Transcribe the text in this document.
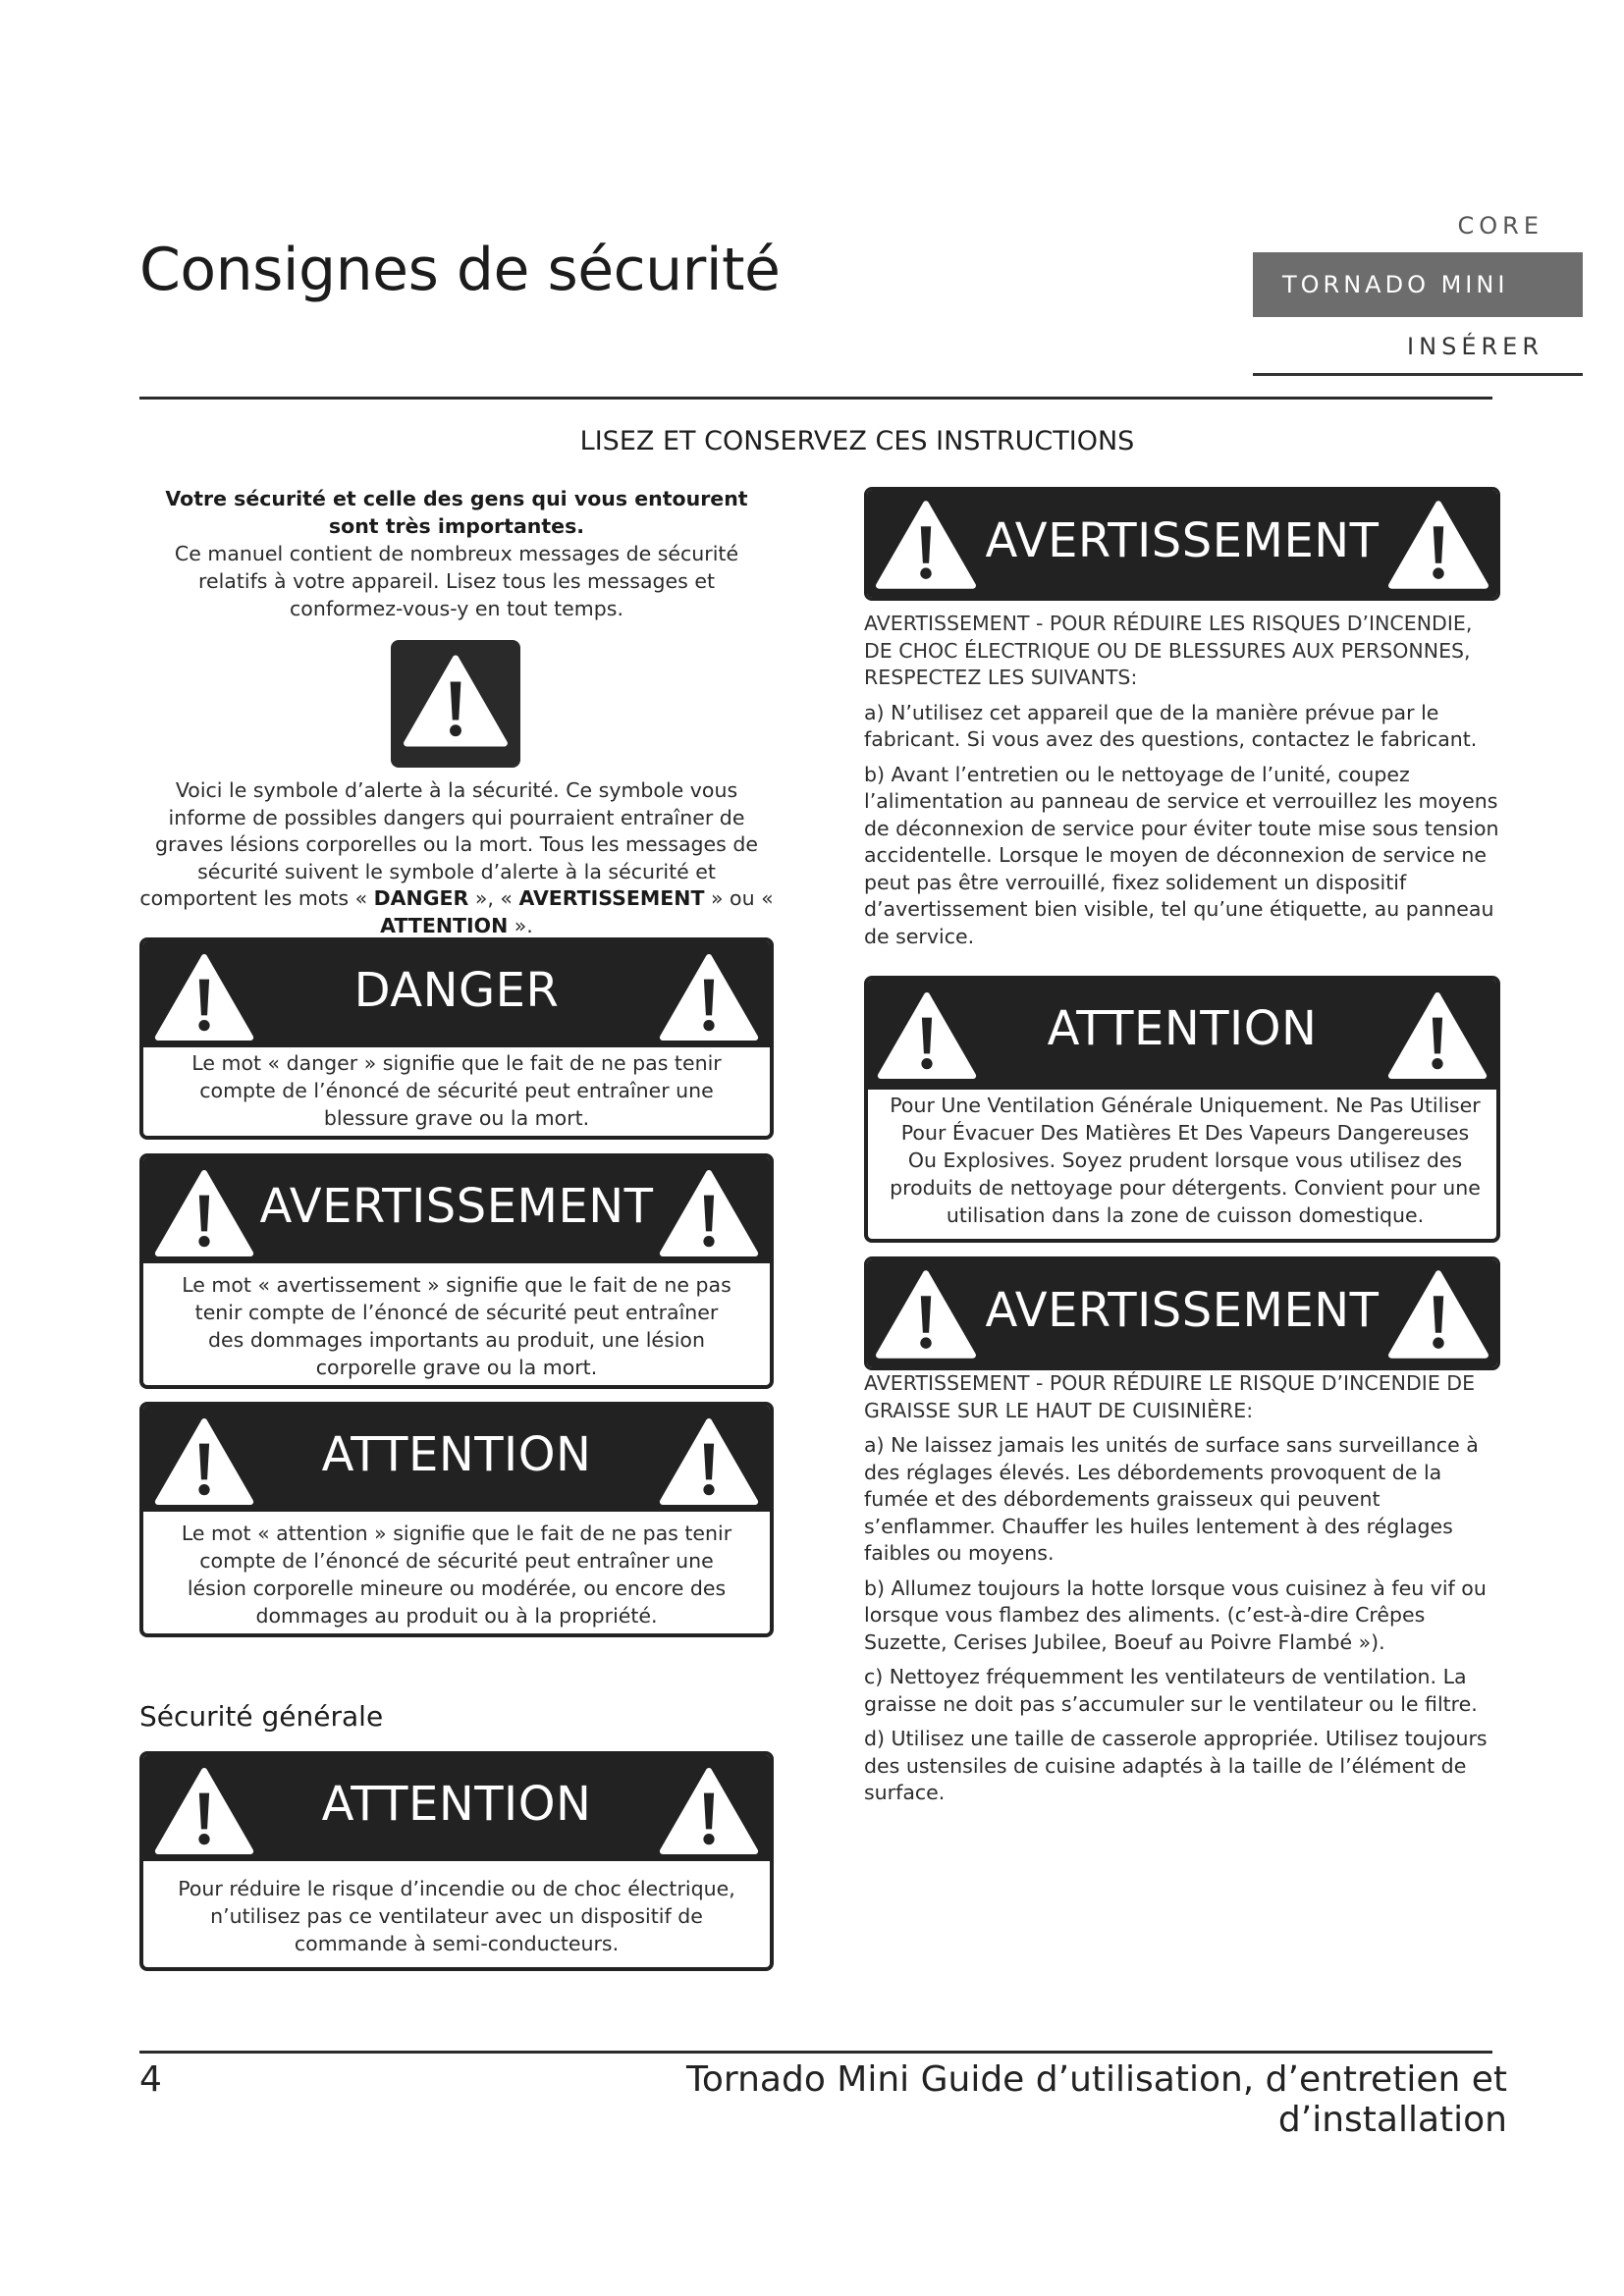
Consignes de sécurité
CORE
TORNADO MINI
INSÉRER
LISEZ ET CONSERVEZ CES INSTRUCTIONS
Votre sécurité et celle des gens qui vous entourent sont très importantes.
Ce manuel contient de nombreux messages de sécurité relatifs à votre appareil. Lisez tous les messages et conformez-vous-y en tout temps.
Voici le symbole d’alerte à la sécurité. Ce symbole vous informe de possibles dangers qui pourraient entraîner de graves lésions corporelles ou la mort. Tous les messages de sécurité suivent le symbole d’alerte à la sécurité et comportent les mots « DANGER », « AVERTISSEMENT » ou « ATTENTION ».
DANGER
Le mot « danger » signifie que le fait de ne pas tenir compte de l’énoncé de sécurité peut entraîner une blessure grave ou la mort.
AVERTISSEMENT
Le mot « avertissement » signifie que le fait de ne pas tenir compte de l’énoncé de sécurité peut entraîner des dommages importants au produit, une lésion corporelle grave ou la mort.
ATTENTION
Le mot « attention » signifie que le fait de ne pas tenir compte de l’énoncé de sécurité peut entraîner une lésion corporelle mineure ou modérée, ou encore des dommages au produit ou à la propriété.
Sécurité générale
ATTENTION
Pour réduire le risque d’incendie ou de choc électrique, n’utilisez pas ce ventilateur avec un dispositif de commande à semi-conducteurs.
AVERTISSEMENT

AVERTISSEMENT - POUR RÉDUIRE LES RISQUES D’INCENDIE, DE CHOC ÉLECTRIQUE OU DE BLESSURES AUX PERSONNES, RESPECTEZ LES SUIVANTS:

a) N’utilisez cet appareil que de la manière prévue par le fabricant. Si vous avez des questions, contactez le fabricant.

b) Avant l’entretien ou le nettoyage de l’unité, coupez l’alimentation au panneau de service et verrouillez les moyens de déconnexion de service pour éviter toute mise sous tension accidentelle. Lorsque le moyen de déconnexion de service ne peut pas être verrouillé, fixez solidement un dispositif d’avertissement bien visible, tel qu’une étiquette, au panneau de service.

ATTENTION
Pour Une Ventilation Générale Uniquement. Ne Pas Utiliser Pour Évacuer Des Matières Et Des Vapeurs Dangereuses Ou Explosives. Soyez prudent lorsque vous utilisez des produits de nettoyage pour détergents. Convient pour une utilisation dans la zone de cuisson domestique.
AVERTISSEMENT

AVERTISSEMENT - POUR RÉDUIRE LE RISQUE D’INCENDIE DE GRAISSE SUR LE HAUT DE CUISINIÈRE:

a) Ne laissez jamais les unités de surface sans surveillance à des réglages élevés. Les débordements provoquent de la fumée et des débordements graisseux qui peuvent s’enflammer. Chauffer les huiles lentement à des réglages faibles ou moyens.

b) Allumez toujours la hotte lorsque vous cuisinez à feu vif ou lorsque vous flambez des aliments. (c’est-à-dire Crêpes Suzette, Cerises Jubilee, Boeuf au Poivre Flambé »).

c) Nettoyez fréquemment les ventilateurs de ventilation. La graisse ne doit pas s’accumuler sur le ventilateur ou le filtre.

d) Utilisez une taille de casserole appropriée. Utilisez toujours des ustensiles de cuisine adaptés à la taille de l’élément de surface.

4	Tornado Mini Guide d’utilisation, d’entretien et d’installation
